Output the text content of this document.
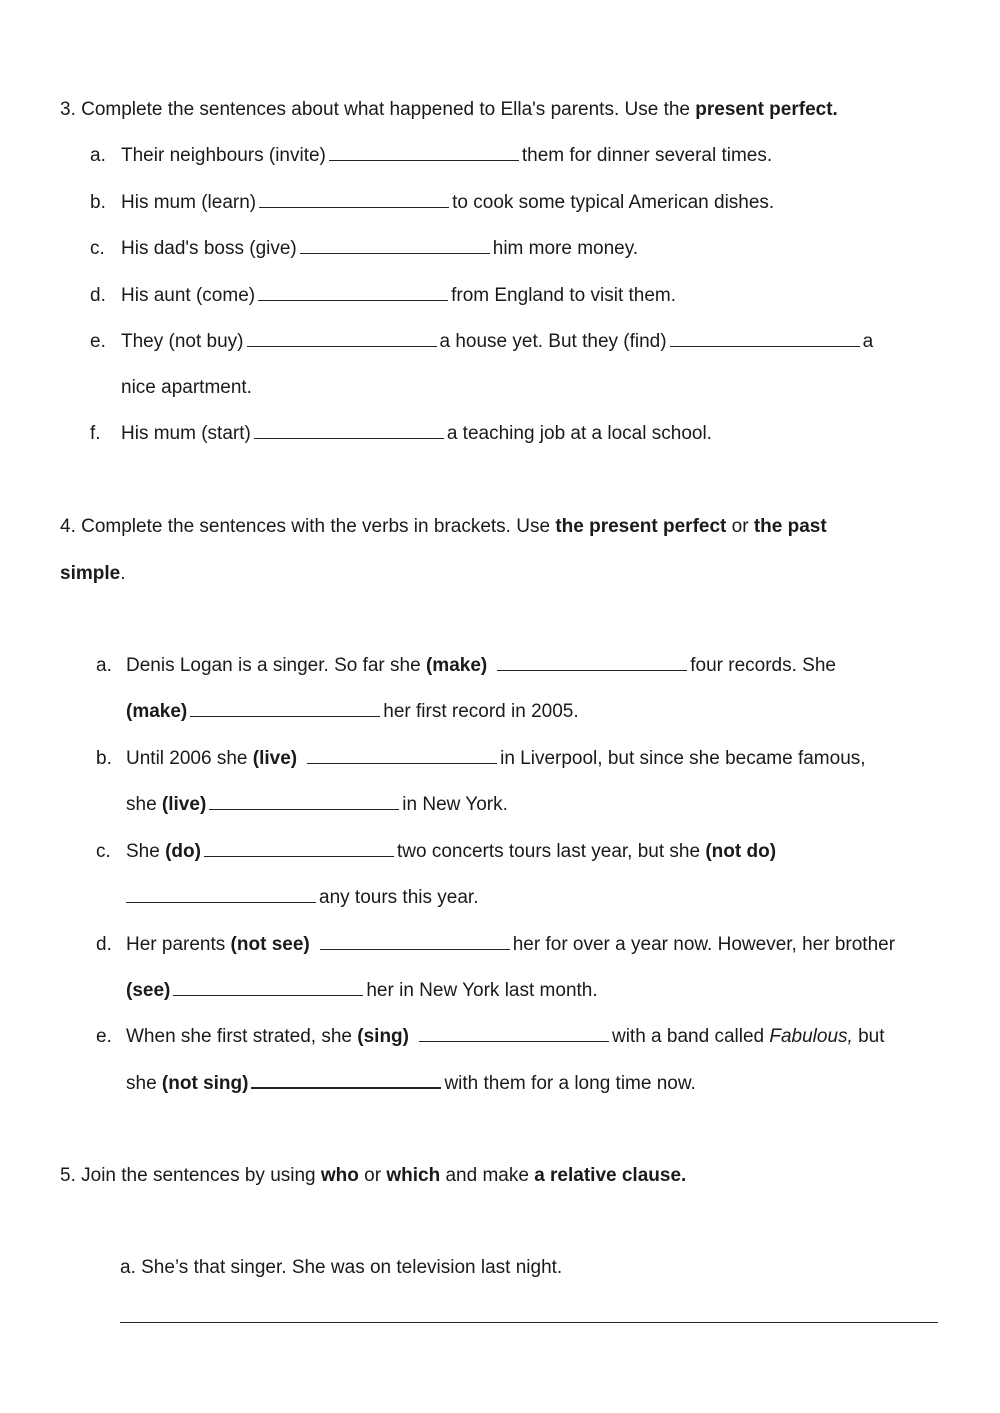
3. Complete the sentences about what happened to Ella's parents. Use the present perfect.
a. Their neighbours (invite)	them for dinner several times.
b. His mum (learn)	to cook some typical American dishes.
c. His dad's boss (give)	him more money.
d. His aunt (come)	from England to visit them.
e. They (not buy)	a house yet. But they (find)	a
nice apartment.
f. His mum (start)	a teaching job at a local school.
4. Complete the sentences with the verbs in brackets. Use the present perfect or the past
simple.
a. Denis Logan is a singer. So far she (make)	four records. She
(make)	her first record in 2005.
b. Until 2006 she (live)	in Liverpool, but since she became famous,
she (live)	in New York.
c. She (do)	two concerts tours last year, but she (not do)
any tours this year.
d. Her parents (not see)	her for over a year now. However, her brother
(see)	her in New York last month.
e. When she first strated, she (sing)	with a band called Fabulous, but
she (not sing)	with them for a long time now.
5. Join the sentences by using who or which and make a relative clause.
a. She’s that singer. She was on television last night.
